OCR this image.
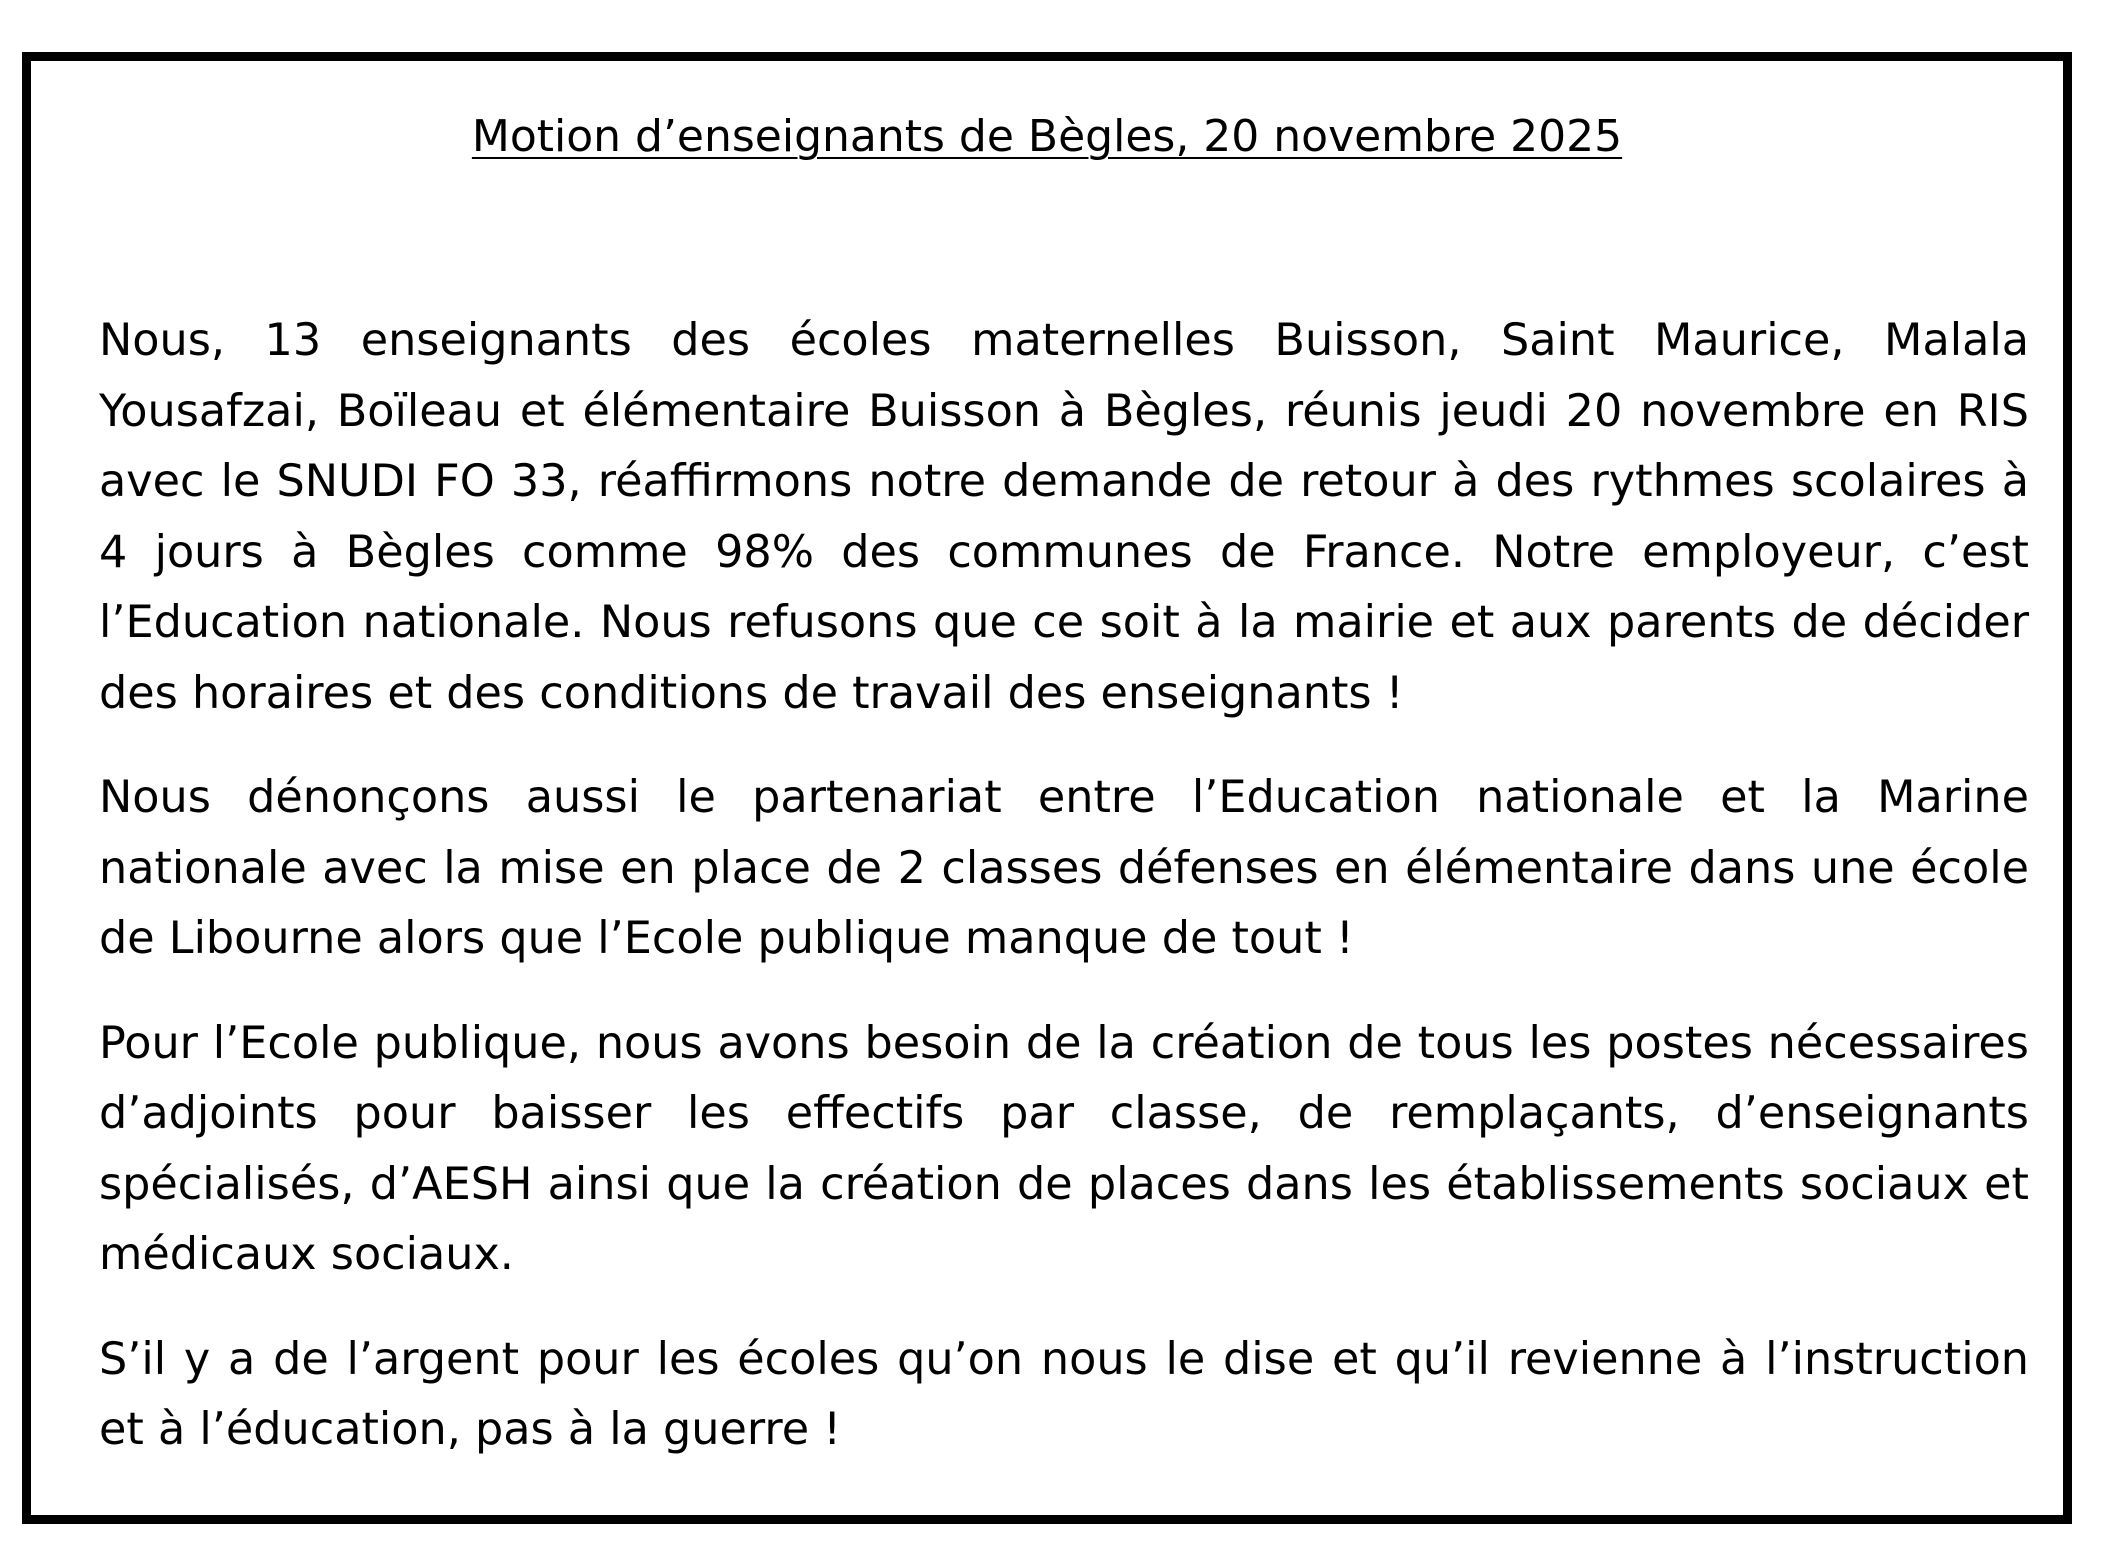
Motion d’enseignants de Bègles, 20 novembre 2025

Nous, 13 enseignants des écoles maternelles Buisson, Saint Maurice, Malala Yousafzai, Boïleau et élémentaire Buisson à Bègles, réunis jeudi 20 novembre en RIS avec le SNUDI FO 33, réaffirmons notre demande de retour à des rythmes scolaires à 4 jours à Bègles comme 98% des communes de France. Notre employeur, c’est l’Education nationale. Nous refusons que ce soit à la mairie et aux parents de décider des horaires et des conditions de travail des enseignants !

Nous dénonçons aussi le partenariat entre l’Education nationale et la Marine nationale avec la mise en place de 2 classes défenses en élémentaire dans une école de Libourne alors que l’Ecole publique manque de tout !

Pour l’Ecole publique, nous avons besoin de la création de tous les postes nécessaires d’adjoints pour baisser les effectifs par classe, de remplaçants, d’enseignants spécialisés, d’AESH ainsi que la création de places dans les établissements sociaux et médicaux sociaux.

S’il y a de l’argent pour les écoles qu’on nous le dise et qu’il revienne à l’instruction et à l’éducation, pas à la guerre !
